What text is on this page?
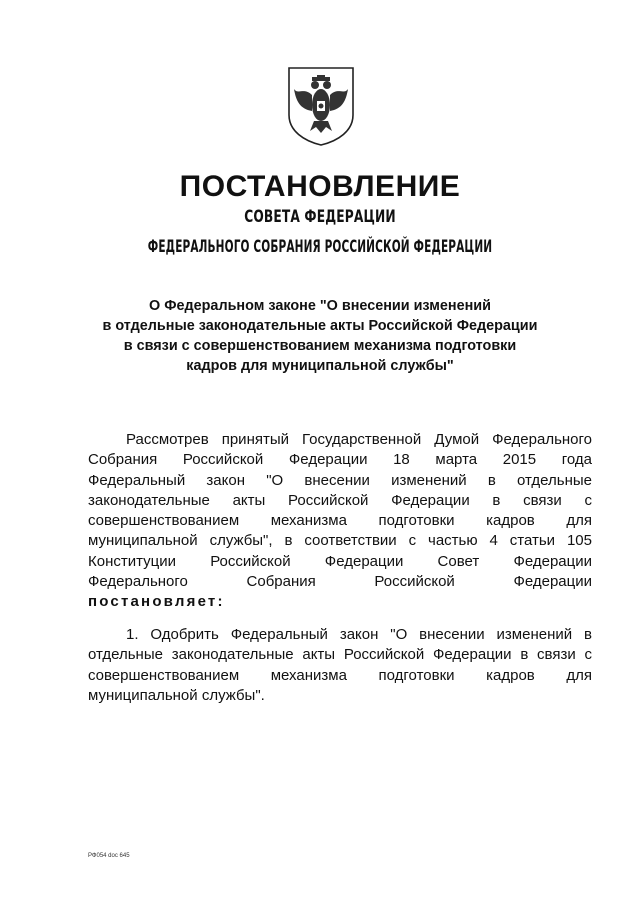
ПОСТАНОВЛЕНИЕ
СОВЕТА ФЕДЕРАЦИИ
ФЕДЕРАЛЬНОГО СОБРАНИЯ РОССИЙСКОЙ ФЕДЕРАЦИИ
О Федеральном законе "О внесении изменений
в отдельные законодательные акты Российской Федерации
в связи с совершенствованием механизма подготовки
кадров для муниципальной службы"
Рассмотрев принятый Государственной Думой Федерального
Собрания Российской Федерации 18 марта 2015 года
Федеральный закон "О внесении изменений в отдельные
законодательные акты Российской Федерации в связи с
совершенствованием механизма подготовки кадров для
муниципальной службы", в соответствии с частью 4 статьи 105
Конституции Российской Федерации Совет Федерации
Федерального Собрания Российской Федерации
постановляет:
1. Одобрить Федеральный закон "О внесении изменений в
отдельные законодательные акты Российской Федерации в связи с
совершенствованием механизма подготовки кадров для
муниципальной службы".
РФ054 doc 645
